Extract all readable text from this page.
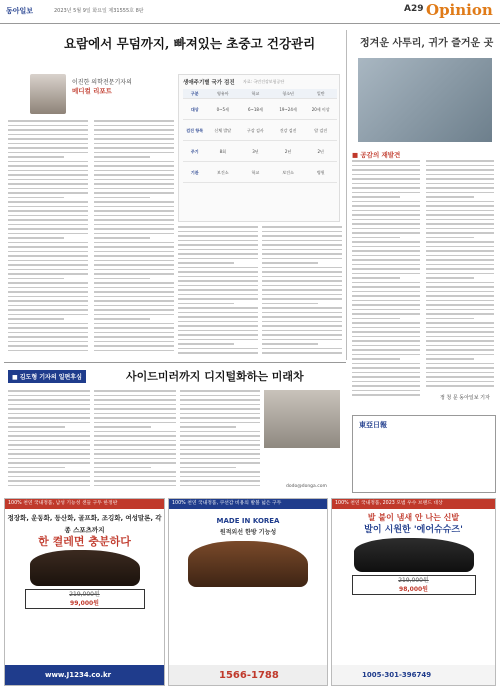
동아일보	2023년 5월 9일 화요일 제31555호 8판	A29 Opinion
요람에서 무덤까지, 빠져있는 초중고 건강관리
이진한 의학전문기자의
메디컬 리포트
생애주기별 국가 검진 자료: 국민건강보험공단
구분	영유아	학교	청소년	일반
대상	0~5세	6~18세	19~24세	20세 이상
검진 항목	신체 발달	구강 검사	건강 검진	암 검진
주기	8회	3년	2년	2년
기관	보건소	학교	보건소	병원
정겨운 사투리, 귀가 즐거운 곳
■ 공감의 재발견
정 청 문 동아일보 기자
■ 김도형 기자의 일편후심	사이드미러까지 디지털화하는 미래차
dodo@donga.com
東亞日報
100% 천연 국내정품, 남성 기능성 샌들 구두 한정판
정장화, 운동화, 등산화, 골프화, 조깅화, 여성말론, 각종 스포츠까지
한 켤레면 충분하다
219,000원
99,000원
www.J1234.co.kr
100% 천연 국내정품, 쿠션감 비용의 발볼 넓은 구두
MADE IN KOREA
원적외선 한방 기능성
1566-1788
100% 천연 국내정품, 2023 모범 우수 브랜드 대상
발 붙이 냄새 안 나는 신발
발이 시원한 '에어슈슈즈'
219,000원
98,000원
1005-301-396749
